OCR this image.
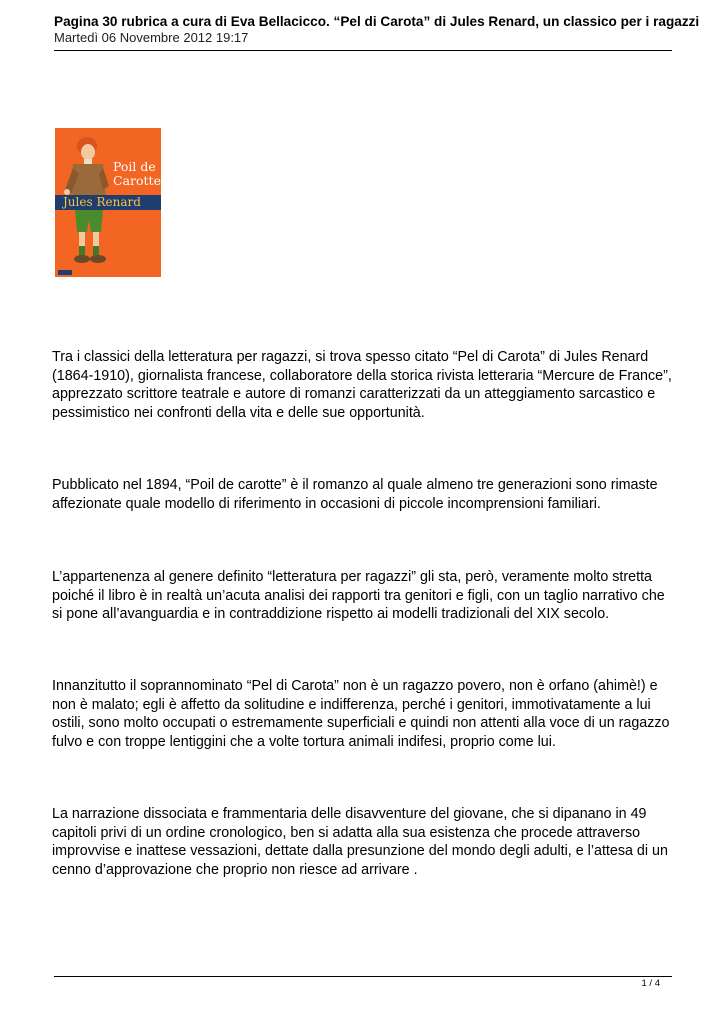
Pagina 30 rubrica a cura di Eva Bellacicco. “Pel di Carota” di Jules Renard, un classico per i ragazzi
Martedì 06 Novembre 2012 19:17
Poil de Carotte
Jules Renard

Tra i classici della letteratura per ragazzi, si trova spesso citato “Pel di Carota” di Jules Renard (1864-1910), giornalista francese, collaboratore della storica rivista letteraria “Mercure de France”, apprezzato scrittore teatrale e autore di romanzi caratterizzati da un atteggiamento sarcastico e pessimistico nei confronti della vita e delle sue opportunità.

Pubblicato nel 1894, “Poil de carotte” è il romanzo al quale almeno tre generazioni sono rimaste affezionate quale modello di riferimento in occasioni di piccole incomprensioni familiari.

L’appartenenza al genere definito “letteratura per ragazzi” gli sta, però, veramente molto stretta poiché il libro è in realtà un’acuta analisi dei rapporti tra genitori e figli, con un taglio narrativo che si pone all’avanguardia e in contraddizione rispetto ai modelli tradizionali del XIX secolo.

Innanzitutto il soprannominato “Pel di Carota” non è un ragazzo povero, non è orfano (ahimè!) e non è malato; egli è affetto da solitudine e indifferenza, perché i genitori, immotivatamente a lui ostili, sono molto occupati o estremamente superficiali e quindi non attenti alla voce di un ragazzo fulvo e con troppe lentiggini che a volte tortura animali indifesi, proprio come lui.

La narrazione dissociata e frammentaria delle disavventure del giovane, che si dipanano in 49 capitoli privi di un ordine cronologico, ben si adatta alla sua esistenza che procede attraverso improvvise e inattese vessazioni, dettate dalla presunzione del mondo degli adulti, e l’attesa di un cenno d’approvazione che proprio non riesce ad arrivare .

1 / 4
